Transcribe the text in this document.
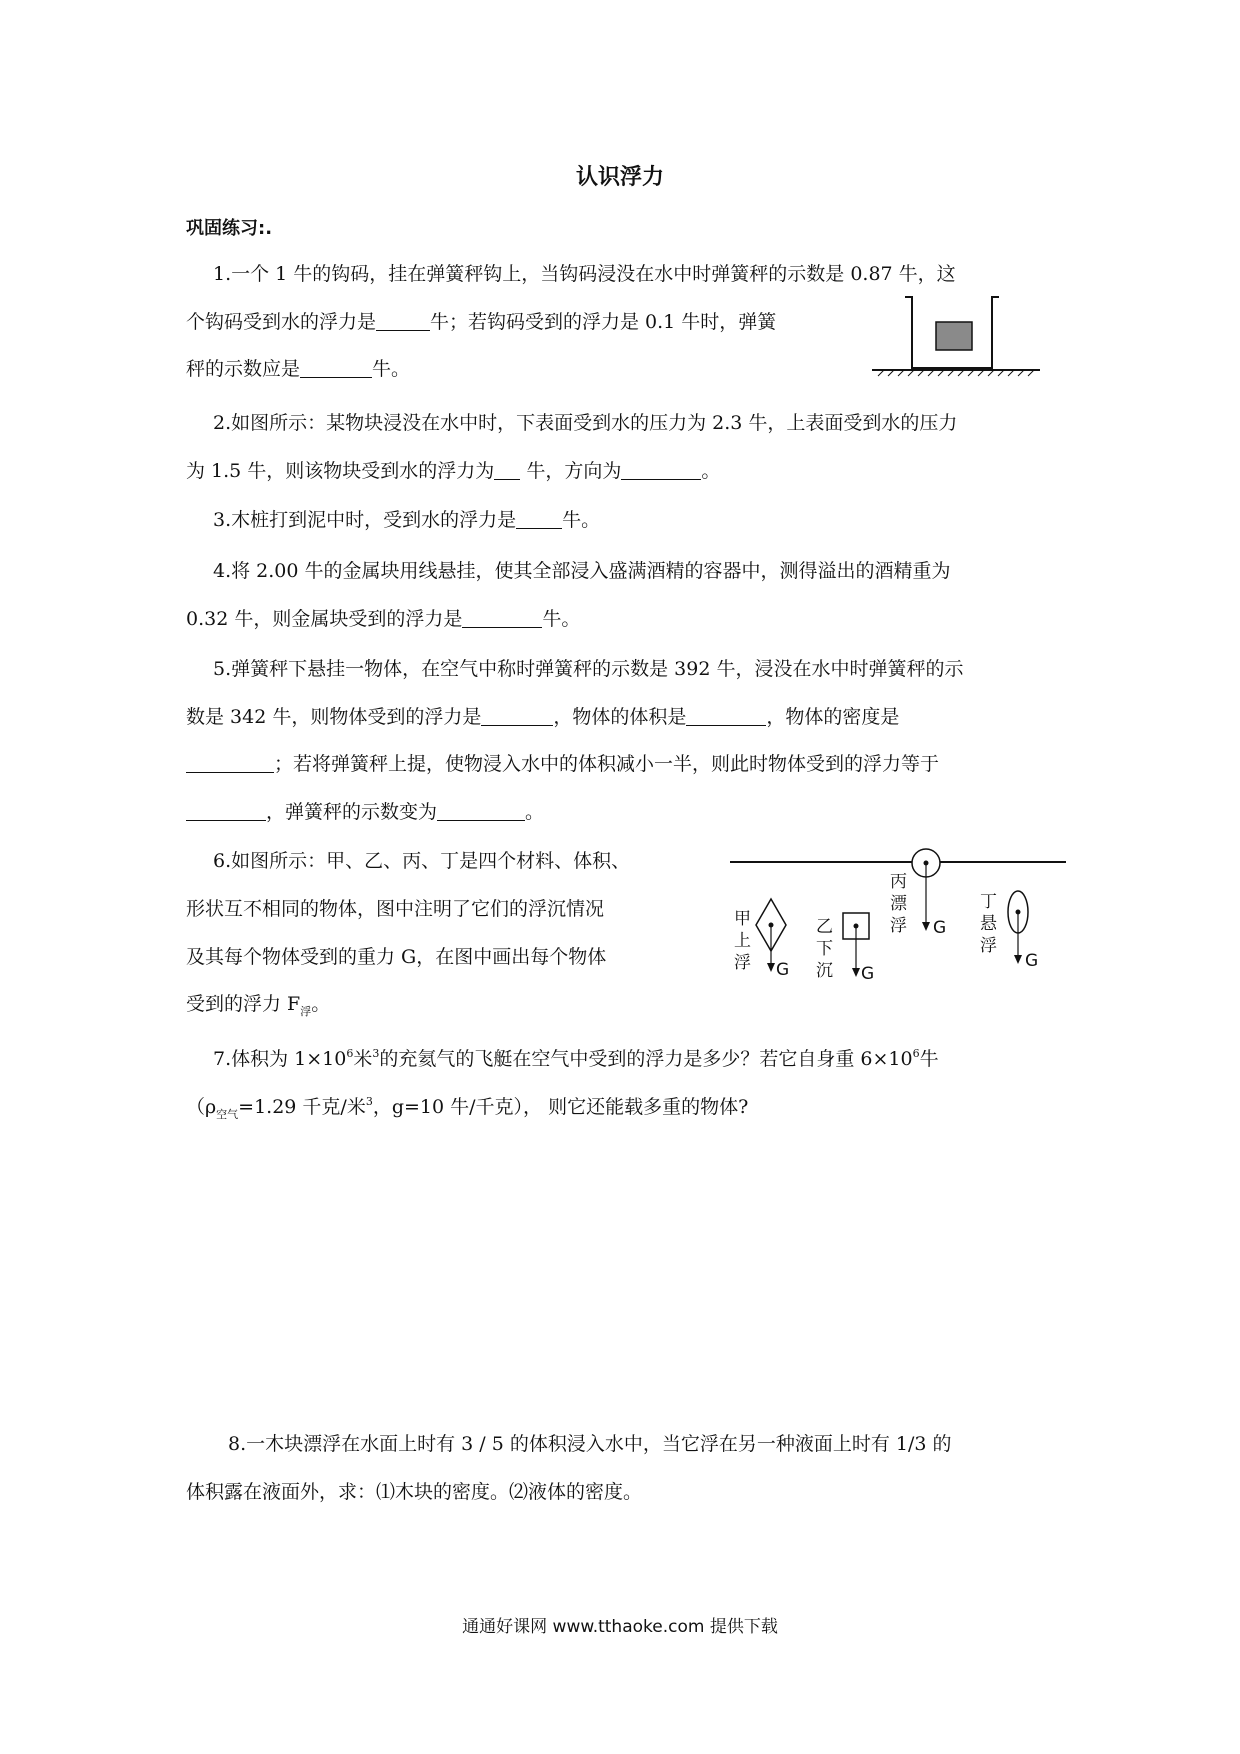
认识浮力
巩固练习:.
1.一个 1 牛的钩码，挂在弹簧秤钩上，当钩码浸没在水中时弹簧秤的示数是 0.87 牛，这
个钩码受到水的浮力是	牛；若钩码受到的浮力是 0.1 牛时，弹簧
秤的示数应是	牛。
2.如图所示：某物块浸没在水中时，下表面受到水的压力为 2.3 牛，上表面受到水的压力
为 1.5 牛，则该物块受到水的浮力为 牛，方向为	。
3.木桩打到泥中时，受到水的浮力是 牛。
4.将 2.00 牛的金属块用线悬挂，使其全部浸入盛满酒精的容器中，测得溢出的酒精重为
0.32 牛，则金属块受到的浮力是	牛。
5.弹簧秤下悬挂一物体，在空气中称时弹簧秤的示数是 392 牛，浸没在水中时弹簧秤的示
数是 342 牛，则物体受到的浮力是	，物体的体积是	，物体的密度是
；若将弹簧秤上提，使物浸入水中的体积减小一半，则此时物体受到的浮力等于
，弹簧秤的示数变为	。
6.如图所示：甲、乙、丙、丁是四个材料、体积、
形状互不相同的物体，图中注明了它们的浮沉情况
及其每个物体受到的重力 G，在图中画出每个物体
受到的浮力 $F_浮$。
G
甲
上
浮
G
乙
下
沉
G
丙
漂
浮
G
丁
悬
浮
7.体积为 $1\times 10^6$米$^3$的充氦气的飞艇在空气中受到的浮力是多少？若它自身重 $6\times 10^6$牛
（$\rho_{空气}=1.29$ 千克/米$^3$，g=10 牛/千克）， 则它还能载多重的物体?
8.一木块漂浮在水面上时有 3 / 5 的体积浸入水中，当它浮在另一种液面上时有 1/3 的
体积露在液面外，求：⑴木块的密度。⑵液体的密度。
通通好课网 www.tthaoke.com 提供下载
